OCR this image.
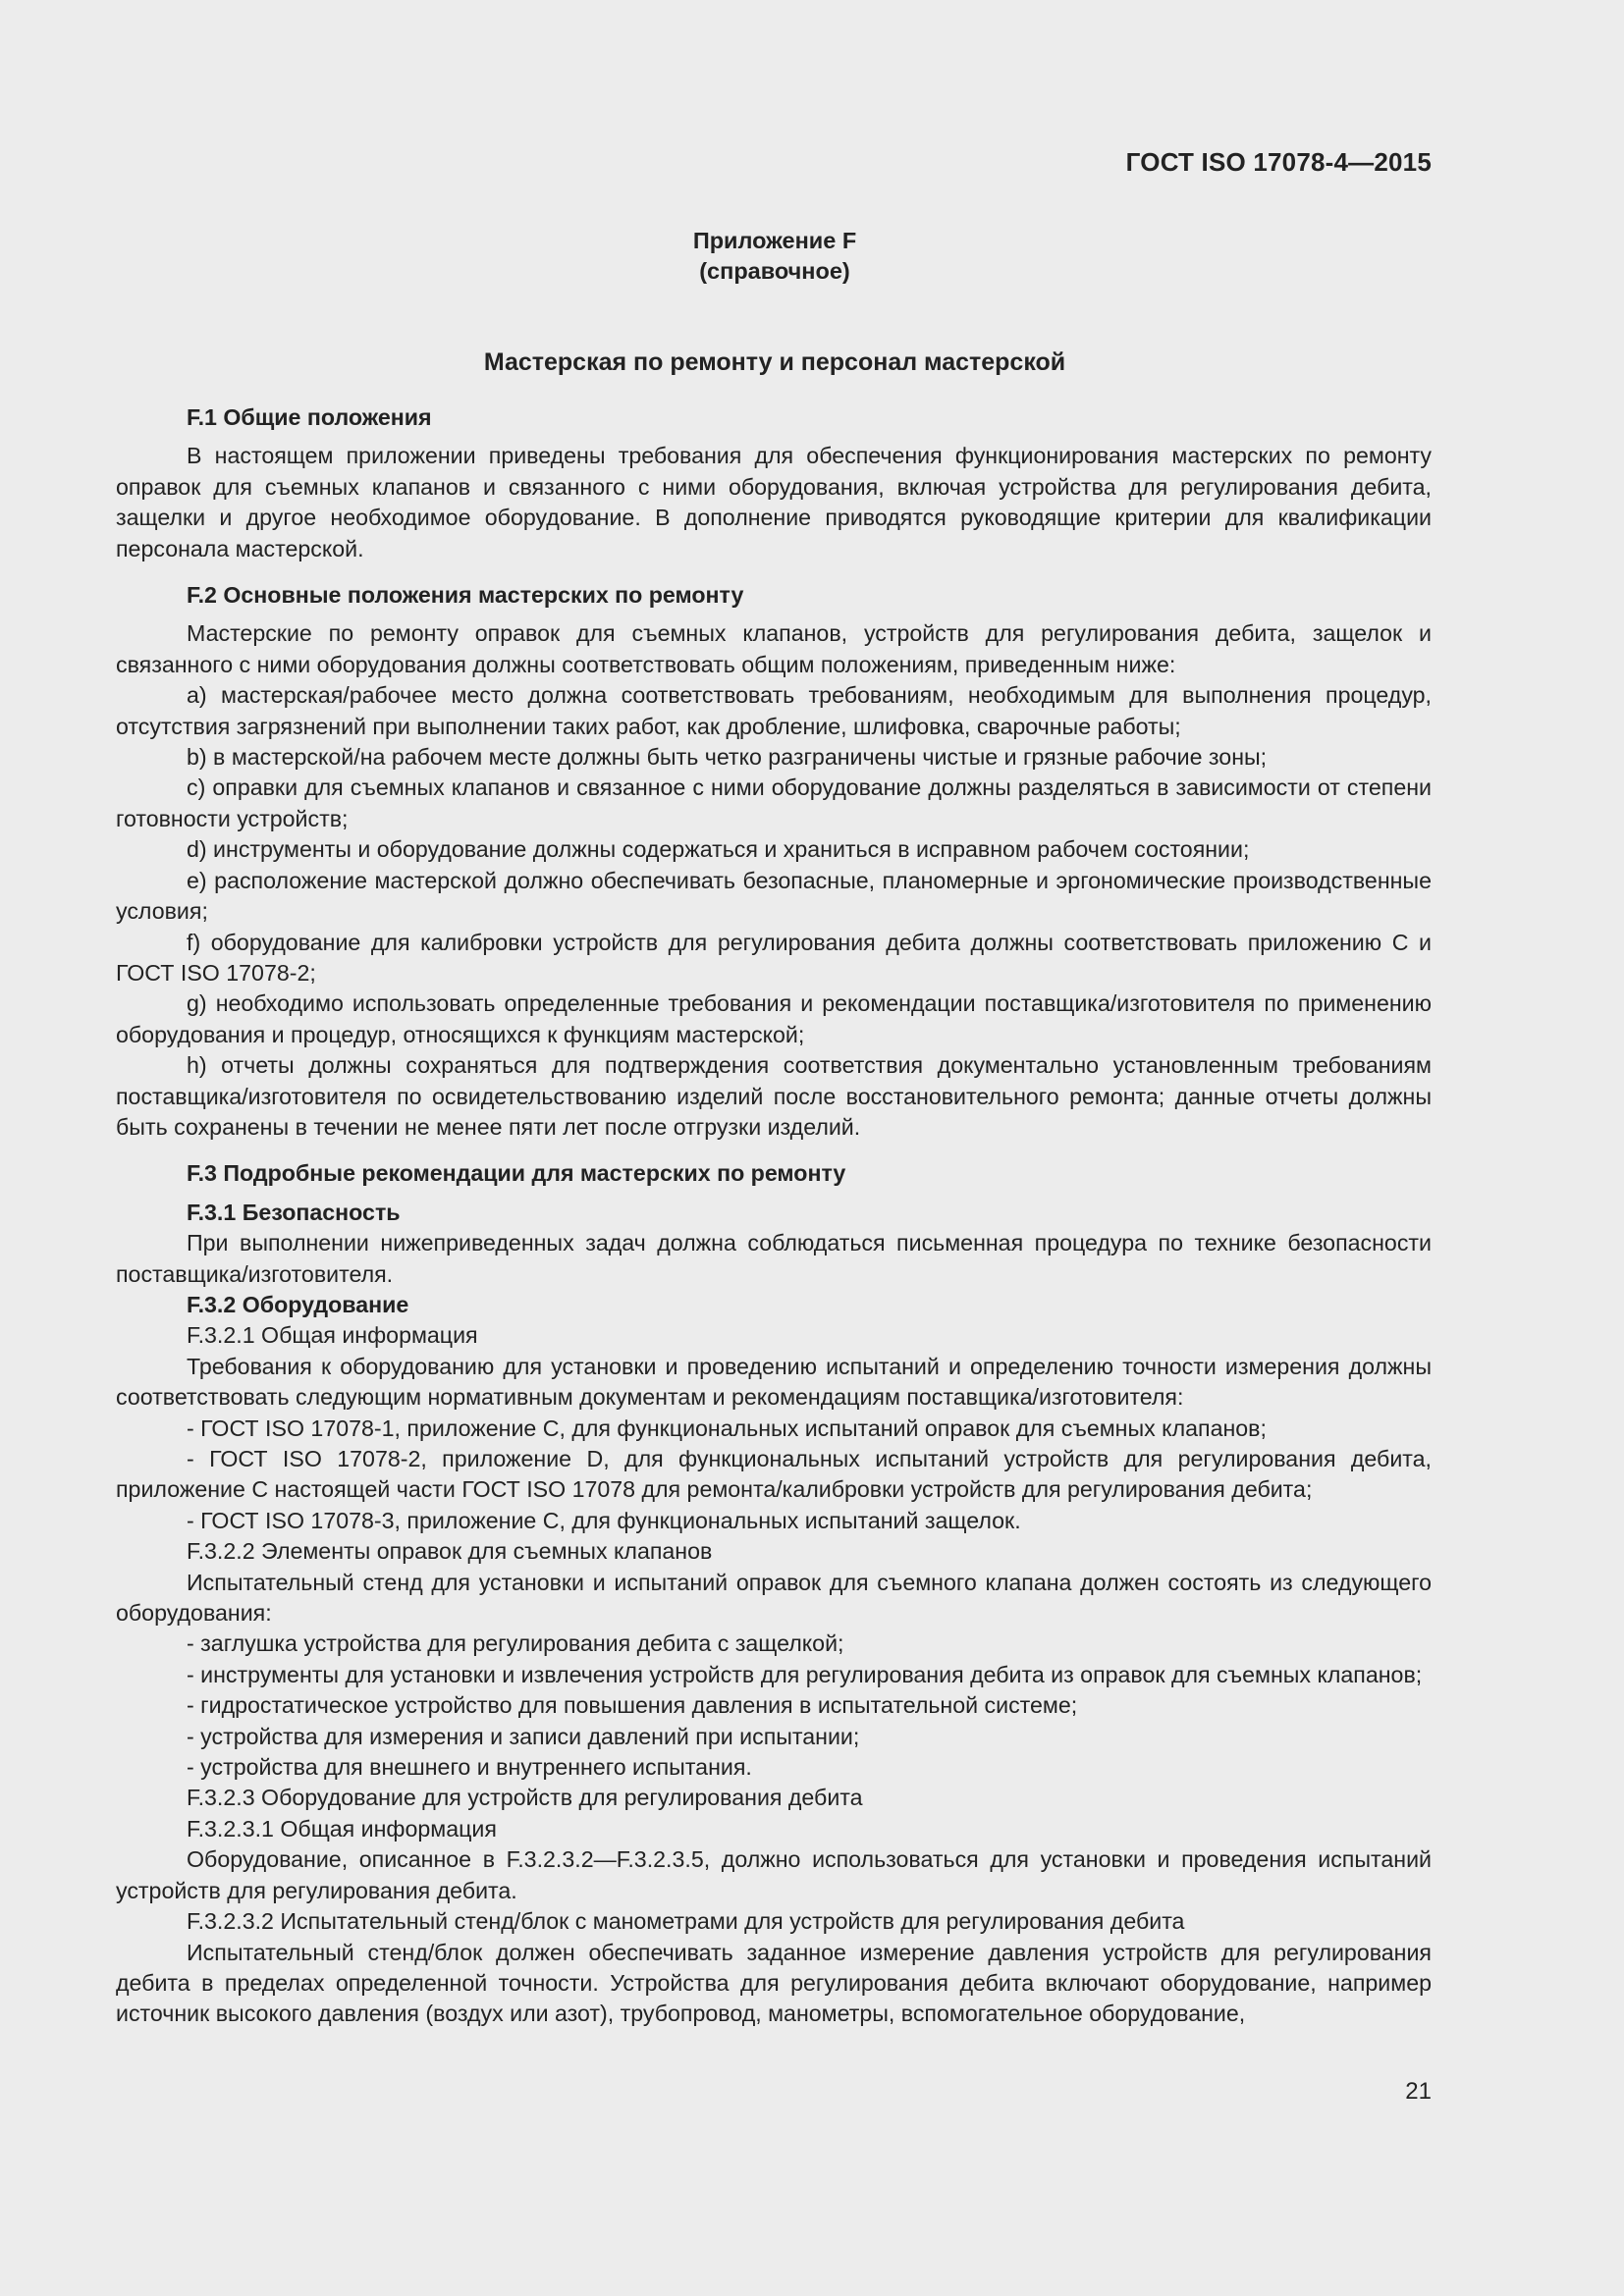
ГОСТ ISO 17078-4—2015
Приложение F
(справочное)
Мастерская по ремонту и персонал мастерской

F.1 Общие положения

В настоящем приложении приведены требования для обеспечения функционирования мастерских по ремонту оправок для съемных клапанов и связанного с ними оборудования, включая устройства для регулирования дебита, защелки и другое необходимое оборудование. В дополнение приводятся руководящие критерии для квалификации персонала мастерской.

F.2 Основные положения мастерских по ремонту

Мастерские по ремонту оправок для съемных клапанов, устройств для регулирования дебита, защелок и связанного с ними оборудования должны соответствовать общим положениям, приведенным ниже:

a) мастерская/рабочее место должна соответствовать требованиям, необходимым для выполнения процедур, отсутствия загрязнений при выполнении таких работ, как дробление, шлифовка, сварочные работы;

b) в мастерской/на рабочем месте должны быть четко разграничены чистые и грязные рабочие зоны;

c) оправки для съемных клапанов и связанное с ними оборудование должны разделяться в зависимости от степени готовности устройств;

d) инструменты и оборудование должны содержаться и храниться в исправном рабочем состоянии;

e) расположение мастерской должно обеспечивать безопасные, планомерные и эргономические производственные условия;

f) оборудование для калибровки устройств для регулирования дебита должны соответствовать приложению C и ГОСТ ISO 17078-2;

g) необходимо использовать определенные требования и рекомендации поставщика/изготовителя по применению оборудования и процедур, относящихся к функциям мастерской;

h) отчеты должны сохраняться для подтверждения соответствия документально установленным требованиям поставщика/изготовителя по освидетельствованию изделий после восстановительного ремонта; данные отчеты должны быть сохранены в течении не менее пяти лет после отгрузки изделий.

F.3 Подробные рекомендации для мастерских по ремонту

F.3.1 Безопасность

При выполнении нижеприведенных задач должна соблюдаться письменная процедура по технике безопасности поставщика/изготовителя.

F.3.2 Оборудование

F.3.2.1 Общая информация

Требования к оборудованию для установки и проведению испытаний и определению точности измерения должны соответствовать следующим нормативным документам и рекомендациям поставщика/изготовителя:

- ГОСТ ISO 17078-1, приложение C, для функциональных испытаний оправок для съемных клапанов;

- ГОСТ ISO 17078-2, приложение D, для функциональных испытаний устройств для регулирования дебита, приложение C настоящей части ГОСТ ISO 17078 для ремонта/калибровки устройств для регулирования дебита;

- ГОСТ ISO 17078-3, приложение C, для функциональных испытаний защелок.

F.3.2.2 Элементы оправок для съемных клапанов

Испытательный стенд для установки и испытаний оправок для съемного клапана должен состоять из следующего оборудования:

- заглушка устройства для регулирования дебита с защелкой;

- инструменты для установки и извлечения устройств для регулирования дебита из оправок для съемных клапанов;

- гидростатическое устройство для повышения давления в испытательной системе;

- устройства для измерения и записи давлений при испытании;

- устройства для внешнего и внутреннего испытания.

F.3.2.3 Оборудование для устройств для регулирования дебита

F.3.2.3.1 Общая информация

Оборудование, описанное в F.3.2.3.2—F.3.2.3.5, должно использоваться для установки и проведения испытаний устройств для регулирования дебита.

F.3.2.3.2 Испытательный стенд/блок с манометрами для устройств для регулирования дебита

Испытательный стенд/блок должен обеспечивать заданное измерение давления устройств для регулирования дебита в пределах определенной точности. Устройства для регулирования дебита включают оборудование, например источник высокого давления (воздух или азот), трубопровод, манометры, вспомогательное оборудование,

21
